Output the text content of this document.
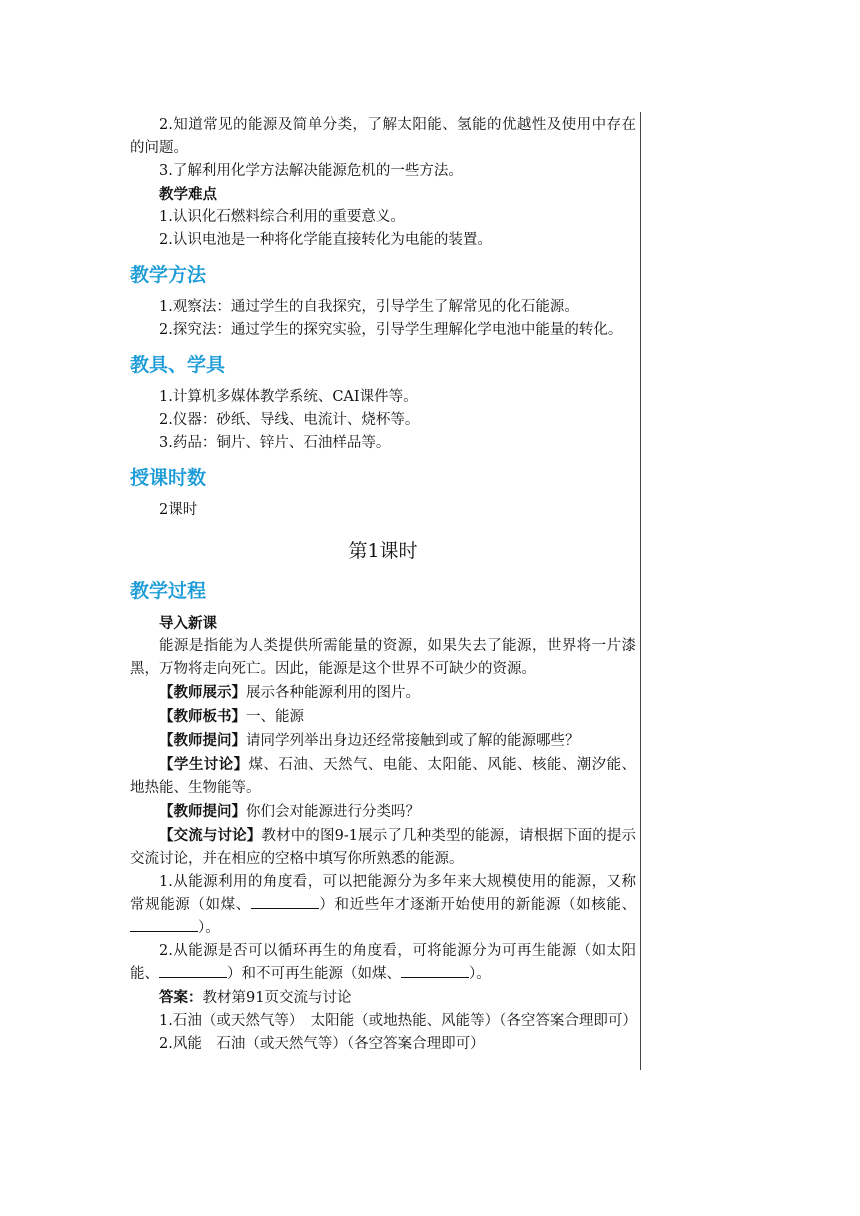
2.知道常见的能源及简单分类，了解太阳能、氢能的优越性及使用中存在的问题。

3.了解利用化学方法解决能源危机的一些方法。

教学难点

1.认识化石燃料综合利用的重要意义。

2.认识电池是一种将化学能直接转化为电能的装置。

教学方法

1.观察法：通过学生的自我探究，引导学生了解常见的化石能源。

2.探究法：通过学生的探究实验，引导学生理解化学电池中能量的转化。

教具、学具

1.计算机多媒体教学系统、CAI课件等。

2.仪器：砂纸、导线、电流计、烧杯等。

3.药品：铜片、锌片、石油样品等。

授课时数

2课时

第1课时

教学过程

导入新课

能源是指能为人类提供所需能量的资源，如果失去了能源，世界将一片漆黑，万物将走向死亡。因此，能源是这个世界不可缺少的资源。

【教师展示】展示各种能源利用的图片。

【教师板书】一、能源

【教师提问】请同学列举出身边还经常接触到或了解的能源哪些？

【学生讨论】煤、石油、天然气、电能、太阳能、风能、核能、潮汐能、地热能、生物能等。

【教师提问】你们会对能源进行分类吗？

【交流与讨论】教材中的图9-1展示了几种类型的能源，请根据下面的提示交流讨论，并在相应的空格中填写你所熟悉的能源。

1.从能源利用的角度看，可以把能源分为多年来大规模使用的能源，又称常规能源（如煤、	）和近些年才逐渐开始使用的新能源（如核能、）。

2.从能源是否可以循环再生的角度看，可将能源分为可再生能源（如太阳能、	）和不可再生能源（如煤、	）。

答案：教材第91页交流与讨论

1.石油（或天然气等）　太阳能（或地热能、风能等）（各空答案合理即可）

2.风能　石油（或天然气等）（各空答案合理即可）
